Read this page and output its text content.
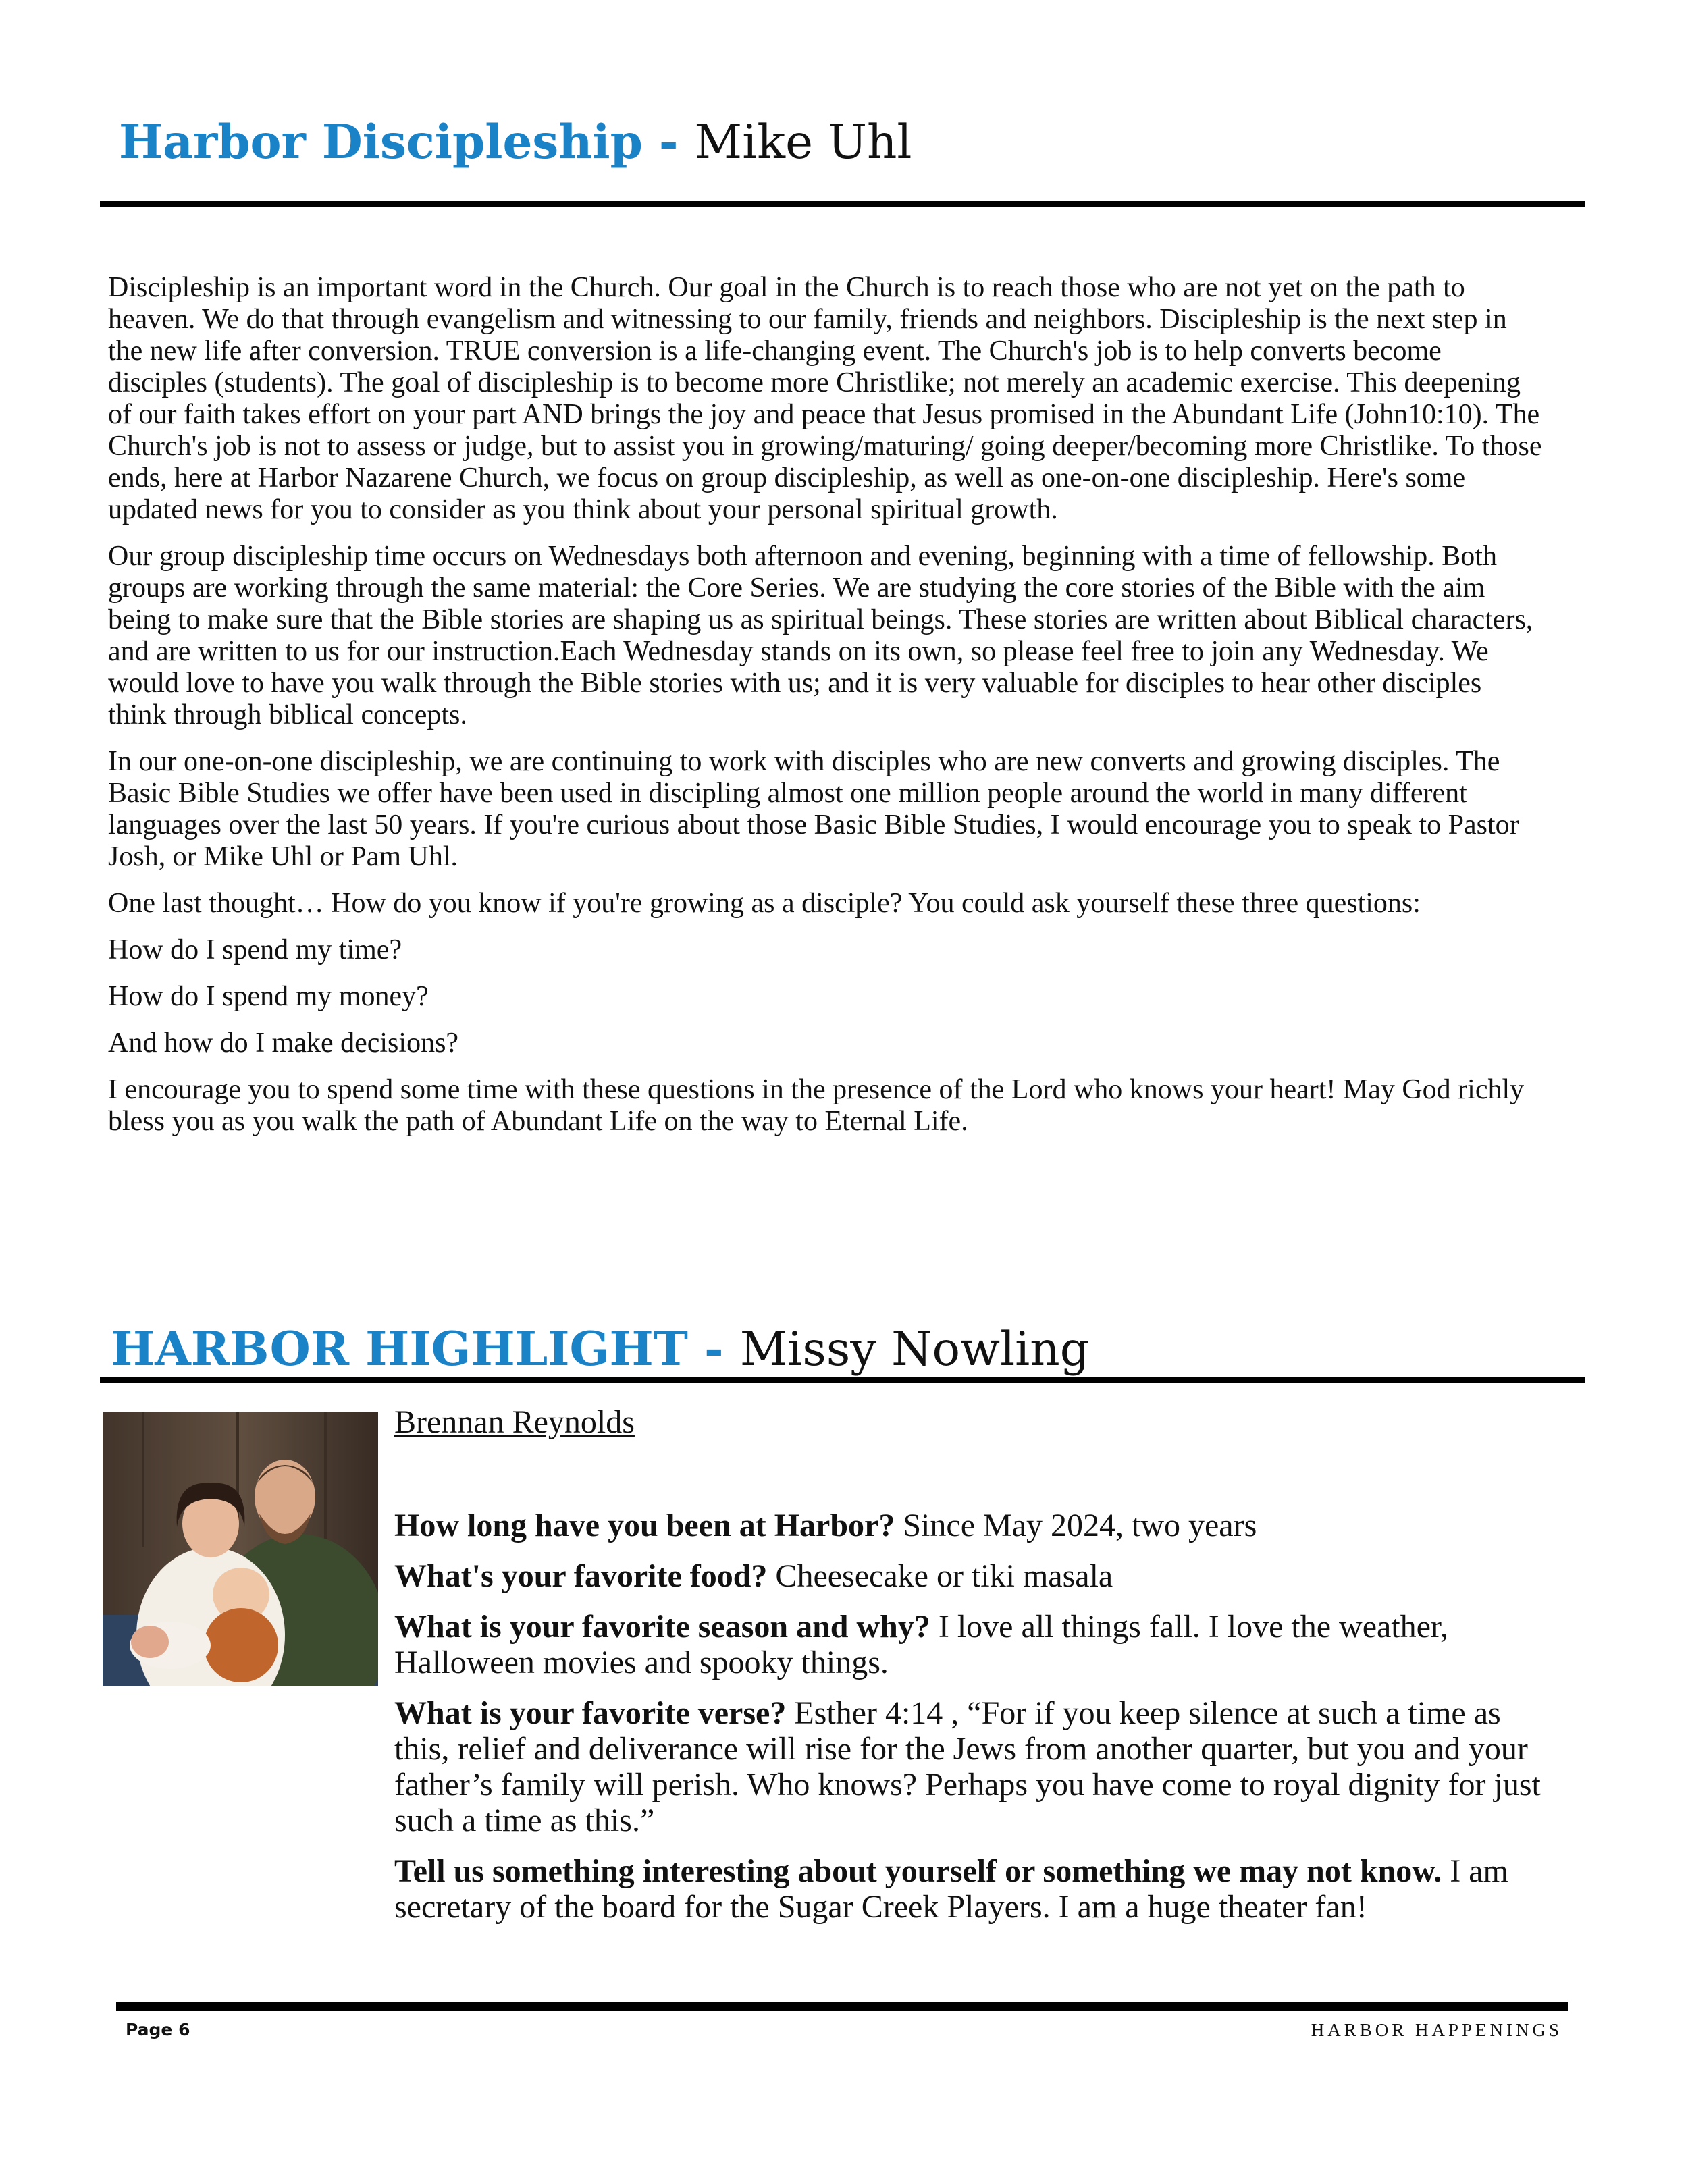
Harbor Discipleship - Mike Uhl

Discipleship is an important word in the Church. Our goal in the Church is to reach those who are not yet on the path to heaven. We do that through evangelism and witnessing to our family, friends and neighbors. Discipleship is the next step in the new life after conversion. TRUE conversion is a life-changing event. The Church's job is to help converts become disciples (students). The goal of discipleship is to become more Christlike; not merely an academic exercise. This deepening of our faith takes effort on your part AND brings the joy and peace that Jesus promised in the Abundant Life (John10:10). The Church's job is not to assess or judge, but to assist you in growing/maturing/ going deeper/becoming more Christlike. To those ends, here at Harbor Nazarene Church, we focus on group discipleship, as well as one-on-one discipleship. Here's some updated news for you to consider as you think about your personal spiritual growth.

Our group discipleship time occurs on Wednesdays both afternoon and evening, beginning with a time of fellowship. Both groups are working through the same material: the Core Series. We are studying the core stories of the Bible with the aim being to make sure that the Bible stories are shaping us as spiritual beings. These stories are written about Biblical characters, and are written to us for our instruction.Each Wednesday stands on its own, so please feel free to join any Wednesday. We would love to have you walk through the Bible stories with us; and it is very valuable for disciples to hear other disciples think through biblical concepts.

In our one-on-one discipleship, we are continuing to work with disciples who are new converts and growing disciples. The Basic Bible Studies we offer have been used in discipling almost one million people around the world in many different languages over the last 50 years. If you're curious about those Basic Bible Studies, I would encourage you to speak to Pastor Josh, or Mike Uhl or Pam Uhl.

One last thought… How do you know if you're growing as a disciple? You could ask yourself these three questions:

How do I spend my time?

How do I spend my money?

And how do I make decisions?

I encourage you to spend some time with these questions in the presence of the Lord who knows your heart! May God richly bless you as you walk the path of Abundant Life on the way to Eternal Life.

HARBOR HIGHLIGHT - Missy Nowling

Brennan Reynolds

How long have you been at Harbor? Since May 2024, two years

What's your favorite food? Cheesecake or tiki masala

What is your favorite season and why? I love all things fall. I love the weather, Halloween movies and spooky things.

What is your favorite verse? Esther 4:14 , “For if you keep silence at such a time as this, relief and deliverance will rise for the Jews from another quarter, but you and your father’s family will perish. Who knows? Perhaps you have come to royal dignity for just such a time as this.”

Tell us something interesting about yourself or something we may not know. I am secretary of the board for the Sugar Creek Players. I am a huge theater fan!

Page 6	HARBOR HAPPENINGS
